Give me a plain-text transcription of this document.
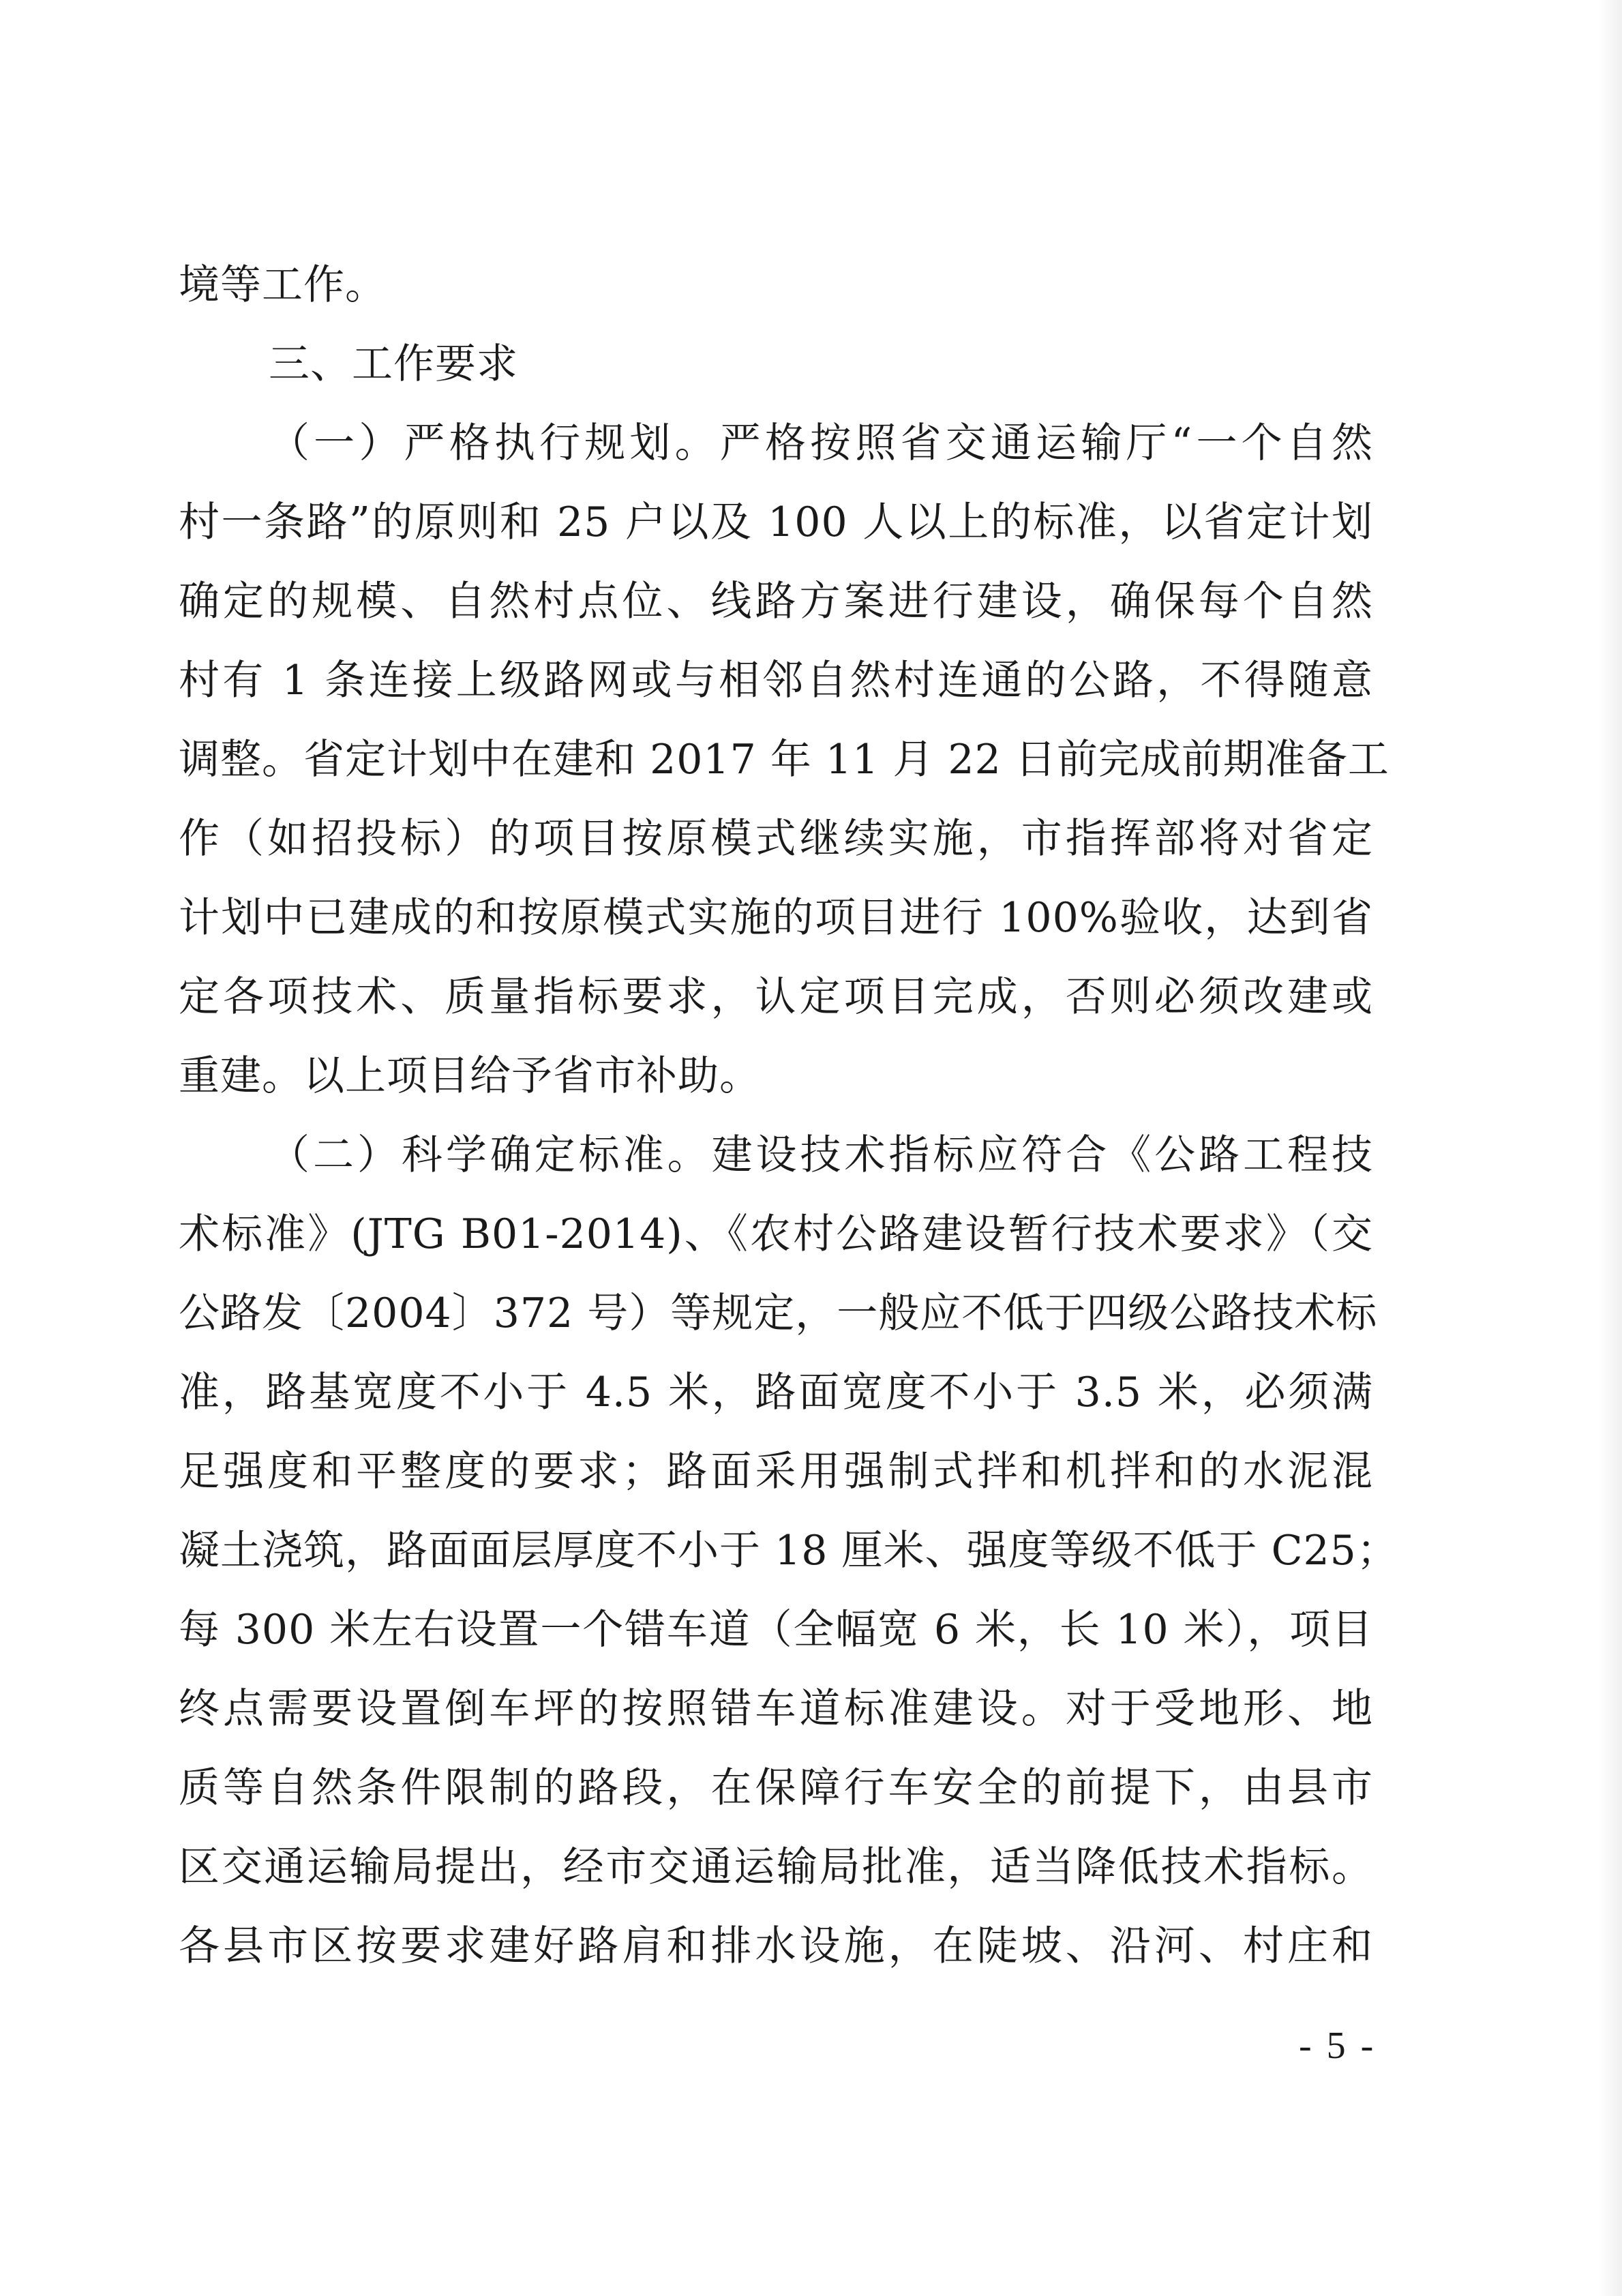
境等工作。
三、工作要求
（一）严格执行规划。严格按照省交通运输厅“一个自然
村一条路”的原则和 25 户以及 100 人以上的标准，以省定计划
确定的规模、自然村点位、线路方案进行建设，确保每个自然
村有 1 条连接上级路网或与相邻自然村连通的公路，不得随意
调整。省定计划中在建和 2017 年 11 月 22 日前完成前期准备工
作（如招投标）的项目按原模式继续实施，市指挥部将对省定
计划中已建成的和按原模式实施的项目进行 100%验收，达到省
定各项技术、质量指标要求，认定项目完成，否则必须改建或
重建。以上项目给予省市补助。
（二）科学确定标准。建设技术指标应符合《公路工程技
术标准》(JTG B01-2014)、《农村公路建设暂行技术要求》（交
公路发〔2004〕372 号）等规定，一般应不低于四级公路技术标
准，路基宽度不小于 4.5 米，路面宽度不小于 3.5 米，必须满
足强度和平整度的要求；路面采用强制式拌和机拌和的水泥混
凝土浇筑，路面面层厚度不小于 18 厘米、强度等级不低于 C25；
每 300 米左右设置一个错车道（全幅宽 6 米，长 10 米），项目
终点需要设置倒车坪的按照错车道标准建设。对于受地形、地
质等自然条件限制的路段，在保障行车安全的前提下，由县市
区交通运输局提出，经市交通运输局批准，适当降低技术指标。
各县市区按要求建好路肩和排水设施，在陡坡、沿河、村庄和
- 5 -
